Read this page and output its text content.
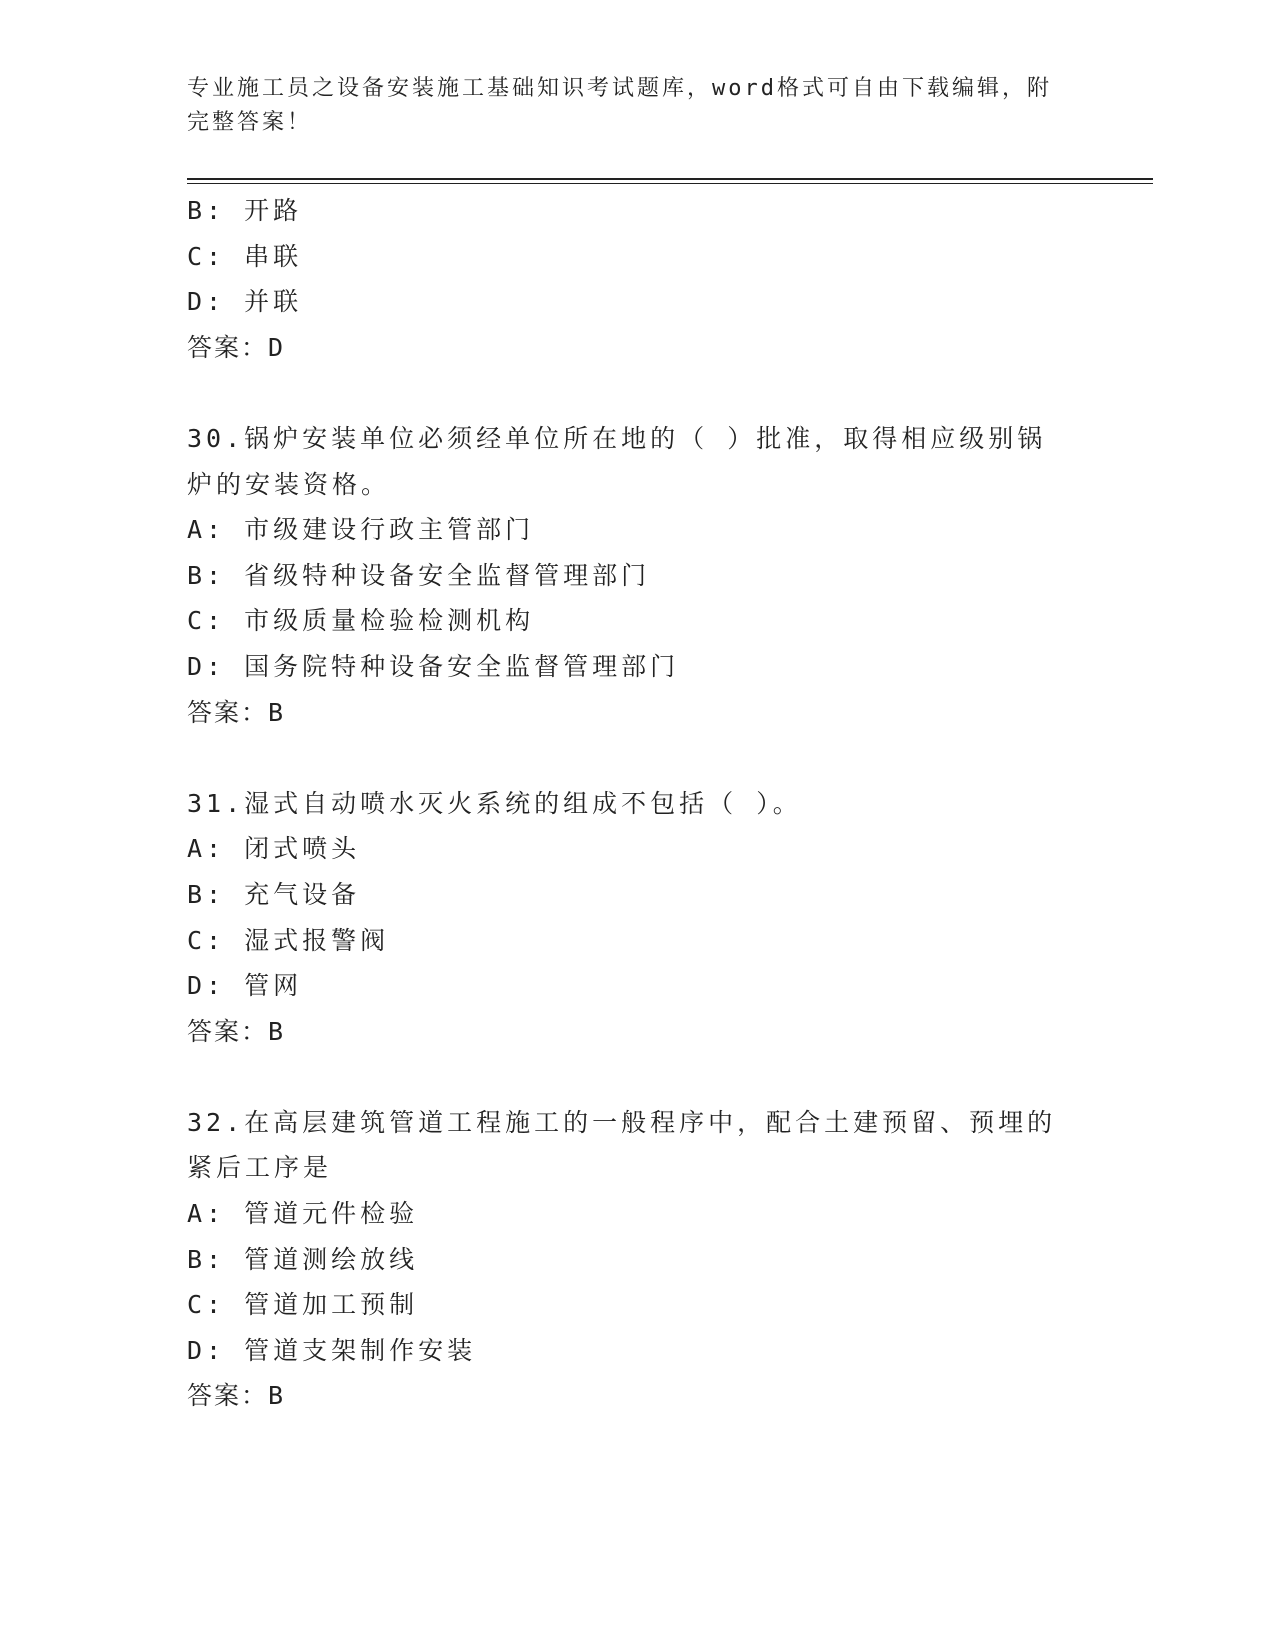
专业施工员之设备安装施工基础知识考试题库，word格式可自由下载编辑，附完整答案！
B: 开路
C: 串联
D: 并联
答案：D
30.锅炉安装单位必须经单位所在地的（ ）批准，取得相应级别锅炉的安装资格。
A: 市级建设行政主管部门
B: 省级特种设备安全监督管理部门
C: 市级质量检验检测机构
D: 国务院特种设备安全监督管理部门
答案：B
31.湿式自动喷水灭火系统的组成不包括（ ）。
A: 闭式喷头
B: 充气设备
C: 湿式报警阀
D: 管网
答案：B
32.在高层建筑管道工程施工的一般程序中，配合土建预留、预埋的紧后工序是
A: 管道元件检验
B: 管道测绘放线
C: 管道加工预制
D: 管道支架制作安装
答案：B
